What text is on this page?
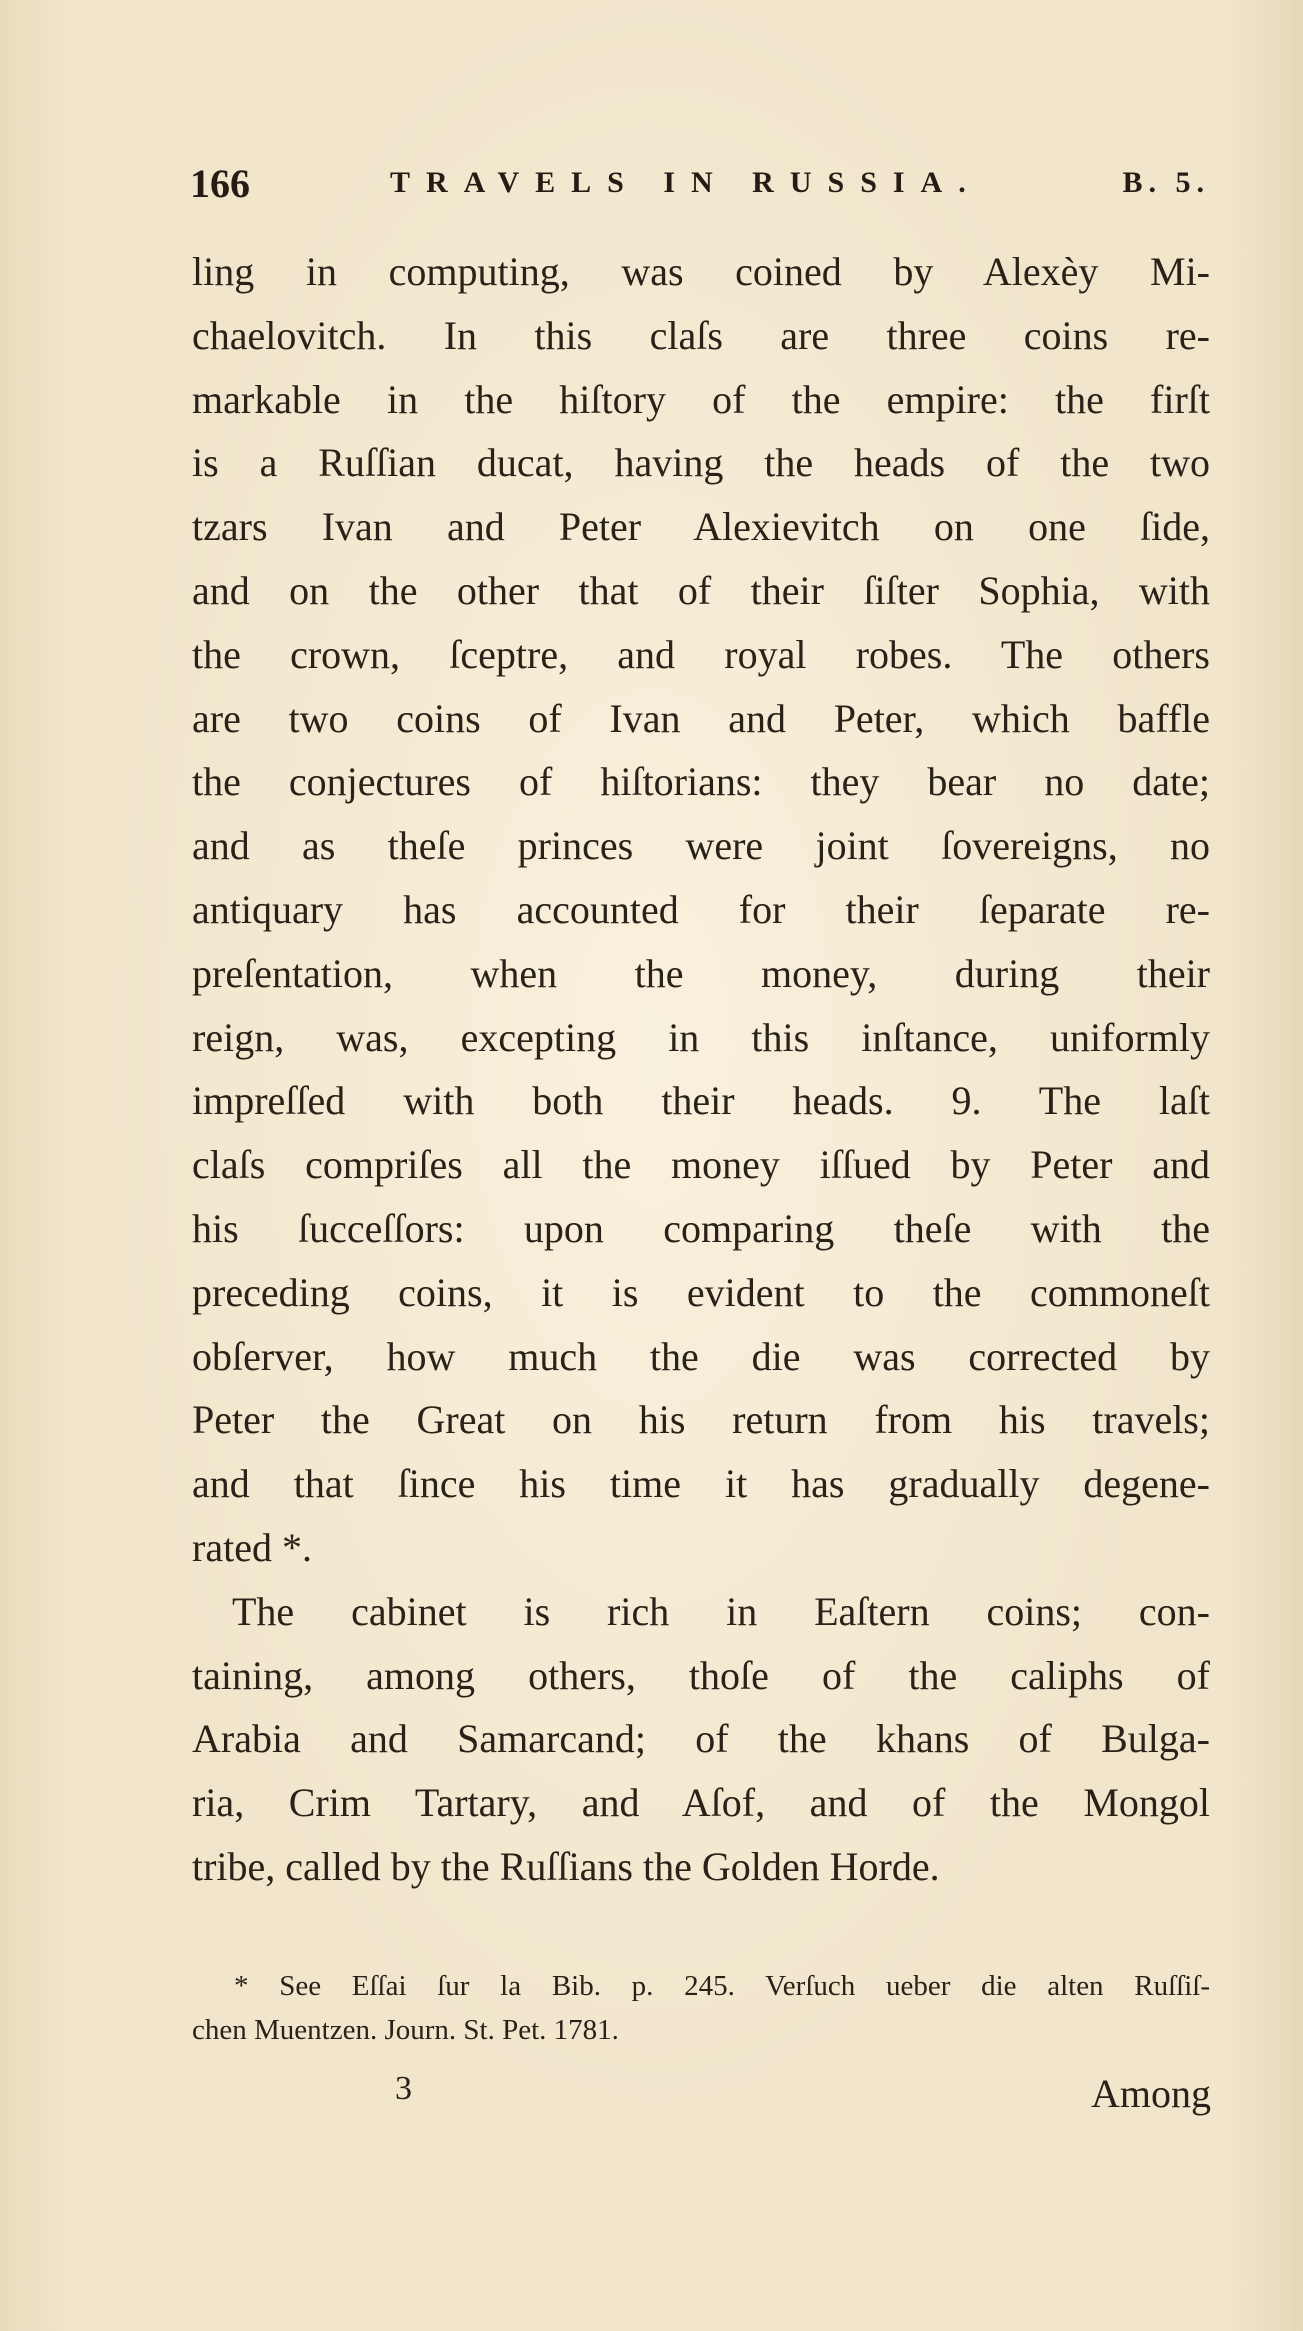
166	TRAVELS IN RUSSIA.	B. 5.
ling in computing, was coined by Alexèy Mi-
chaelovitch. In this claſs are three coins re-
markable in the hiſtory of the empire: the firſt
is a Ruſſian ducat, having the heads of the two
tzars Ivan and Peter Alexievitch on one ſide,
and on the other that of their ſiſter Sophia, with
the crown, ſceptre, and royal robes. The others
are two coins of Ivan and Peter, which baffle
the conjectures of hiſtorians: they bear no date;
and as theſe princes were joint ſovereigns, no
antiquary has accounted for their ſeparate re-
preſentation, when the money, during their
reign, was, excepting in this inſtance, uniformly
impreſſed with both their heads. 9. The laſt
claſs compriſes all the money iſſued by Peter and
his ſucceſſors: upon comparing theſe with the
preceding coins, it is evident to the commoneſt
obſerver, how much the die was corrected by
Peter the Great on his return from his travels;
and that ſince his time it has gradually degene-
rated *.
The cabinet is rich in Eaſtern coins; con-
taining, among others, thoſe of the caliphs of
Arabia and Samarcand; of the khans of Bulga-
ria, Crim Tartary, and Aſof, and of the Mongol
tribe, called by the Ruſſians the Golden Horde.
* See Eſſai ſur la Bib. p. 245. Verſuch ueber die alten Ruſſiſ-
chen Muentzen. Journ. St. Pet. 1781.
3	Among
